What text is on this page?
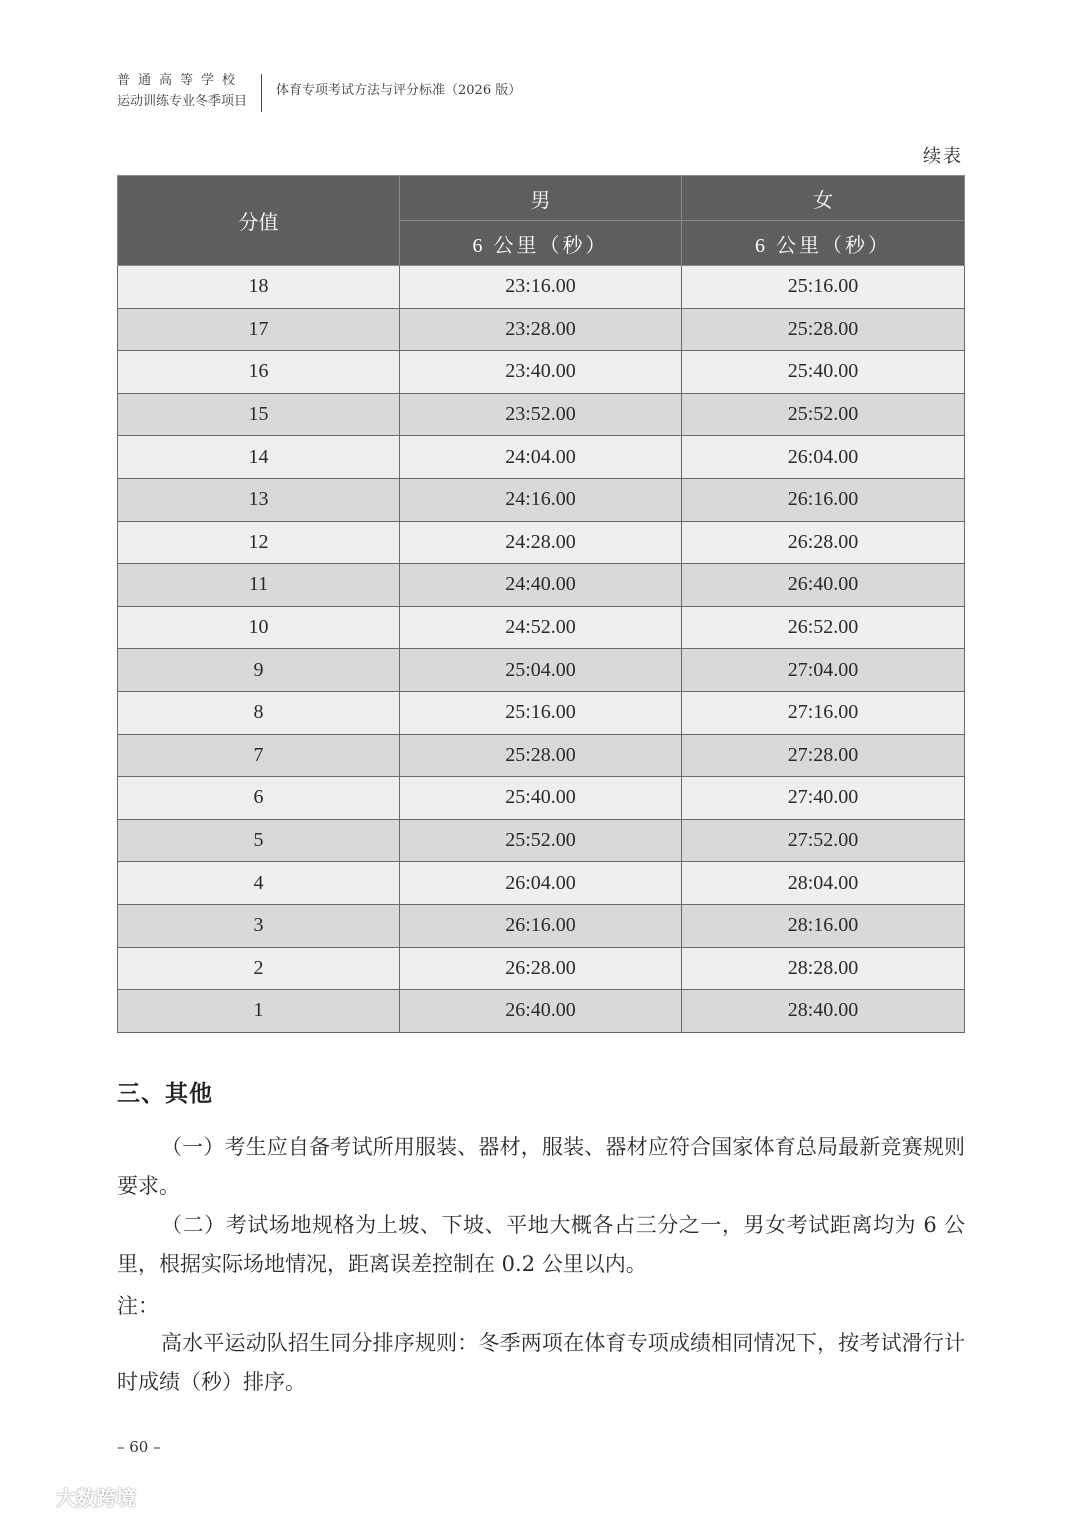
普通高等学校
运动训练专业冬季项目
体育专项考试方法与评分标准（2026 版）
续表
分值	男	女
	6 公里（秒）	6 公里（秒）
18	23:16.00	25:16.00
17	23:28.00	25:28.00
16	23:40.00	25:40.00
15	23:52.00	25:52.00
14	24:04.00	26:04.00
13	24:16.00	26:16.00
12	24:28.00	26:28.00
11	24:40.00	26:40.00
10	24:52.00	26:52.00
9	25:04.00	27:04.00
8	25:16.00	27:16.00
7	25:28.00	27:28.00
6	25:40.00	27:40.00
5	25:52.00	27:52.00
4	26:04.00	28:04.00
3	26:16.00	28:16.00
2	26:28.00	28:28.00
1	26:40.00	28:40.00
三、其他
（一）考生应自备考试所用服装、器材，服装、器材应符合国家体育总局最新竞赛规则要求。
（二）考试场地规格为上坡、下坡、平地大概各占三分之一，男女考试距离均为 6 公里，根据实际场地情况，距离误差控制在 0.2 公里以内。
注：
高水平运动队招生同分排序规则：冬季两项在体育专项成绩相同情况下，按考试滑行计时成绩（秒）排序。
– 60 –
大数跨境
